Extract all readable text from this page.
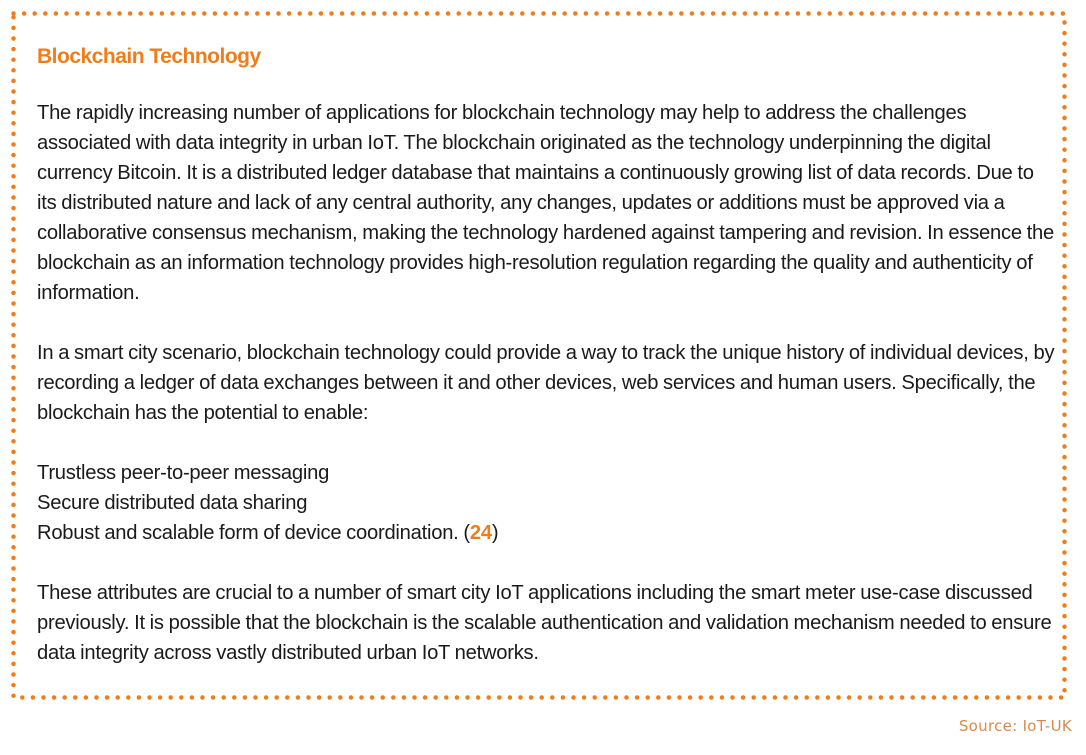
Blockchain Technology

The rapidly increasing number of applications for blockchain technology may help to address the challenges associated with data integrity in urban IoT. The blockchain originated as the technology underpinning the digital currency Bitcoin. It is a distributed ledger database that maintains a continuously growing list of data records. Due to its distributed nature and lack of any central authority, any changes, updates or additions must be approved via a collaborative consensus mechanism, making the technology hardened against tampering and revision. In essence the blockchain as an information technology provides high-resolution regulation regarding the quality and authenticity of information.

In a smart city scenario, blockchain technology could provide a way to track the unique history of individual devices, by recording a ledger of data exchanges between it and other devices, web services and human users. Specifically, the blockchain has the potential to enable:

Trustless peer-to-peer messaging
Secure distributed data sharing
Robust and scalable form of device coordination. (24)

These attributes are crucial to a number of smart city IoT applications including the smart meter use-case discussed previously. It is possible that the blockchain is the scalable authentication and validation mechanism needed to ensure data integrity across vastly distributed urban IoT networks.

Source: IoT-UK
